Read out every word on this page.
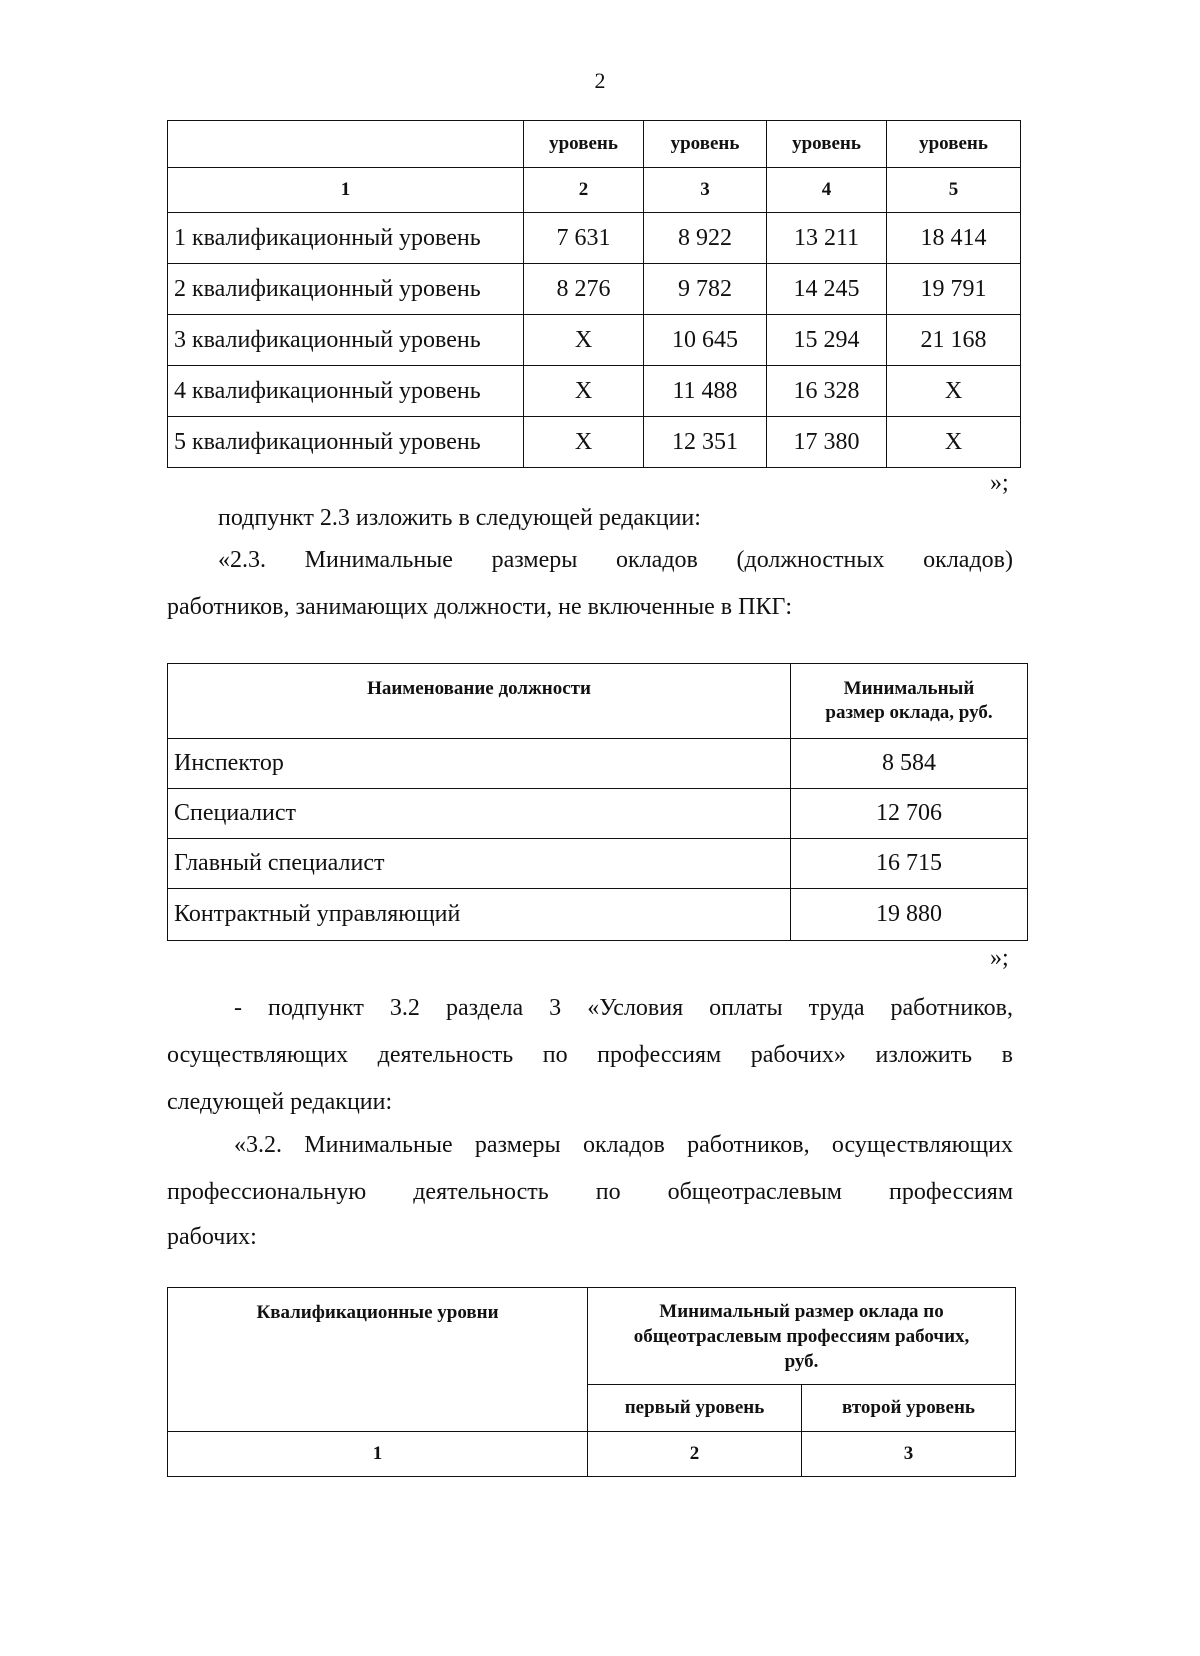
2
	уровень	уровень	уровень	уровень
1	2	3	4	5
1 квалификационный уровень	7 631	8 922	13 211	18 414
2 квалификационный уровень	8 276	9 782	14 245	19 791
3 квалификационный уровень	X	10 645	15 294	21 168
4 квалификационный уровень	X	11 488	16 328	X
5 квалификационный уровень	X	12 351	17 380	X
»;
подпункт 2.3 изложить в следующей редакции:
«2.3. Минимальные размеры окладов (должностных окладов)
работников, занимающих должности, не включенные в ПКГ:
Наименование должности	Минимальный
размер оклада, руб.

Инспектор	8 584
Специалист	12 706
Главный специалист	16 715
Контрактный управляющий	19 880
»;
- подпункт 3.2 раздела 3 «Условия оплаты труда работников,
осуществляющих деятельность по профессиям рабочих» изложить в
следующей редакции:
«3.2. Минимальные размеры окладов работников, осуществляющих
профессиональную деятельность по общеотраслевым профессиям
рабочих:
Квалификационные уровни	Минимальный размер оклада по
общеотраслевым профессиям рабочих,
руб.	

	первый уровень	второй уровень
1	2	3
